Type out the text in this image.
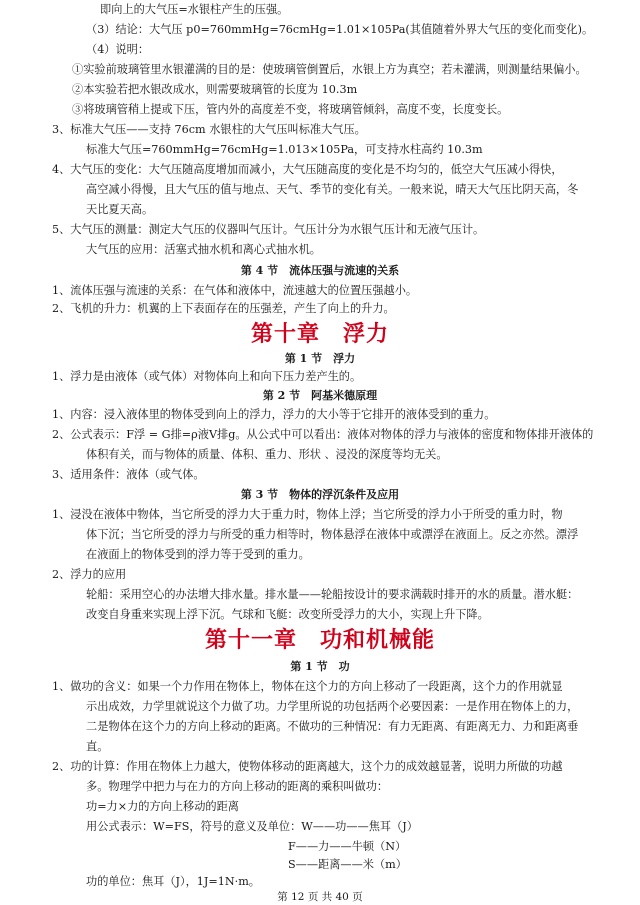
即向上的大气压=水银柱产生的压强。
（3）结论：大气压 p0=760mmHg=76cmHg=1.01×105Pa(其值随着外界大气压的变化而变化)。
（4）说明：
①实验前玻璃管里水银灌满的目的是：使玻璃管倒置后，水银上方为真空；若未灌满，则测量结果偏小。
②本实验若把水银改成水，则需要玻璃管的长度为 10.3m
③将玻璃管稍上提或下压，管内外的高度差不变，将玻璃管倾斜，高度不变，长度变长。
3、标准大气压——支持 76cm 水银柱的大气压叫标准大气压。
标准大气压=760mmHg=76cmHg=1.013×105Pa，可支持水柱高约 10.3m
4、大气压的变化：大气压随高度增加而减小，大气压随高度的变化是不均匀的，低空大气压减小得快，
高空减小得慢，且大气压的值与地点、天气、季节的变化有关。一般来说，晴天大气压比阴天高，冬
天比夏天高。
5、大气压的测量：测定大气压的仪器叫气压计。气压计分为水银气压计和无液气压计。
大气压的应用：活塞式抽水机和离心式抽水机。
第 4 节　流体压强与流速的关系
1、流体压强与流速的关系：在气体和液体中，流速越大的位置压强越小。
2、飞机的升力：机翼的上下表面存在的压强差，产生了向上的升力。
第十章　浮力
第 1 节　浮力
1、浮力是由液体（或气体）对物体向上和向下压力差产生的。
第 2 节　阿基米德原理
1、内容：浸入液体里的物体受到向上的浮力，浮力的大小等于它排开的液体受到的重力。
2、公式表示：F浮 = G排=ρ液V排g。从公式中可以看出：液体对物体的浮力与液体的密度和物体排开液体的
体积有关，而与物体的质量、体积、重力、形状 、浸没的深度等均无关。
3、适用条件：液体（或气体。
第 3 节　物体的浮沉条件及应用
1、浸没在液体中物体，当它所受的浮力大于重力时，物体上浮；当它所受的浮力小于所受的重力时，物
体下沉；当它所受的浮力与所受的重力相等时，物体悬浮在液体中或漂浮在液面上。反之亦然。漂浮
在液面上的物体受到的浮力等于受到的重力。
2、浮力的应用
轮船：采用空心的办法增大排水量。排水量——轮船按设计的要求满载时排开的水的质量。潜水艇：
改变自身重来实现上浮下沉。气球和飞艇：改变所受浮力的大小，实现上升下降。
第十一章　功和机械能
第 1 节　功
1、做功的含义：如果一个力作用在物体上，物体在这个力的方向上移动了一段距离，这个力的作用就显
示出成效，力学里就说这个力做了功。力学里所说的功包括两个必要因素：一是作用在物体上的力，
二是物体在这个力的方向上移动的距离。不做功的三种情况：有力无距离、有距离无力、力和距离垂
直。
2、功的计算：作用在物体上力越大，使物体移动的距离越大，这个力的成效越显著，说明力所做的功越
多。物理学中把力与在力的方向上移动的距离的乘积叫做功：
功=力×力的方向上移动的距离
用公式表示：W=FS，符号的意义及单位：W——功——焦耳（J）
F——力——牛顿（N）
S——距离——米（m）
功的单位：焦耳（J），1J=1N·m。
第 12 页 共 40 页
